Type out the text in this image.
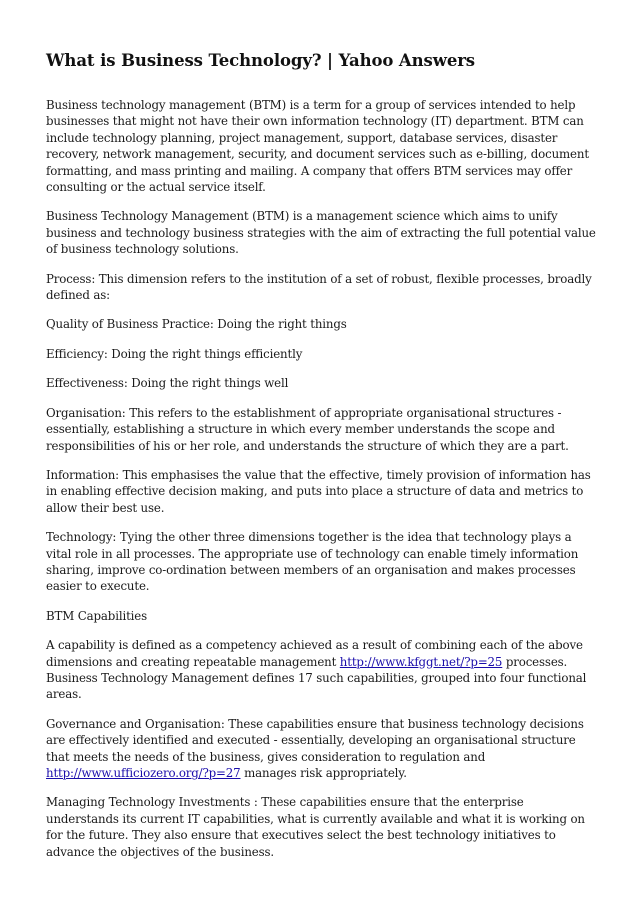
What is Business Technology? | Yahoo Answers

Business technology management (BTM) is a term for a group of services intended to help businesses that might not have their own information technology (IT) department. BTM can include technology planning, project management, support, database services, disaster recovery, network management, security, and document services such as e-billing, document formatting, and mass printing and mailing. A company that offers BTM services may offer consulting or the actual service itself.

Business Technology Management (BTM) is a management science which aims to unify business and technology business strategies with the aim of extracting the full potential value of business technology solutions.

Process: This dimension refers to the institution of a set of robust, flexible processes, broadly defined as:

Quality of Business Practice: Doing the right things

Efficiency: Doing the right things efficiently

Effectiveness: Doing the right things well

Organisation: This refers to the establishment of appropriate organisational structures - essentially, establishing a structure in which every member understands the scope and responsibilities of his or her role, and understands the structure of which they are a part.

Information: This emphasises the value that the effective, timely provision of information has in enabling effective decision making, and puts into place a structure of data and metrics to allow their best use.

Technology: Tying the other three dimensions together is the idea that technology plays a vital role in all processes. The appropriate use of technology can enable timely information sharing, improve co-ordination between members of an organisation and makes processes easier to execute.

BTM Capabilities

A capability is defined as a competency achieved as a result of combining each of the above dimensions and creating repeatable management http://www.kfggt.net/?p=25 processes. Business Technology Management defines 17 such capabilities, grouped into four functional areas.

Governance and Organisation: These capabilities ensure that business technology decisions are effectively identified and executed - essentially, developing an organisational structure that meets the needs of the business, gives consideration to regulation and http://www.ufficiozero.org/?p=27 manages risk appropriately.

Managing Technology Investments : These capabilities ensure that the enterprise understands its current IT capabilities, what is currently available and what it is working on for the future. They also ensure that executives select the best technology initiatives to advance the objectives of the business.
